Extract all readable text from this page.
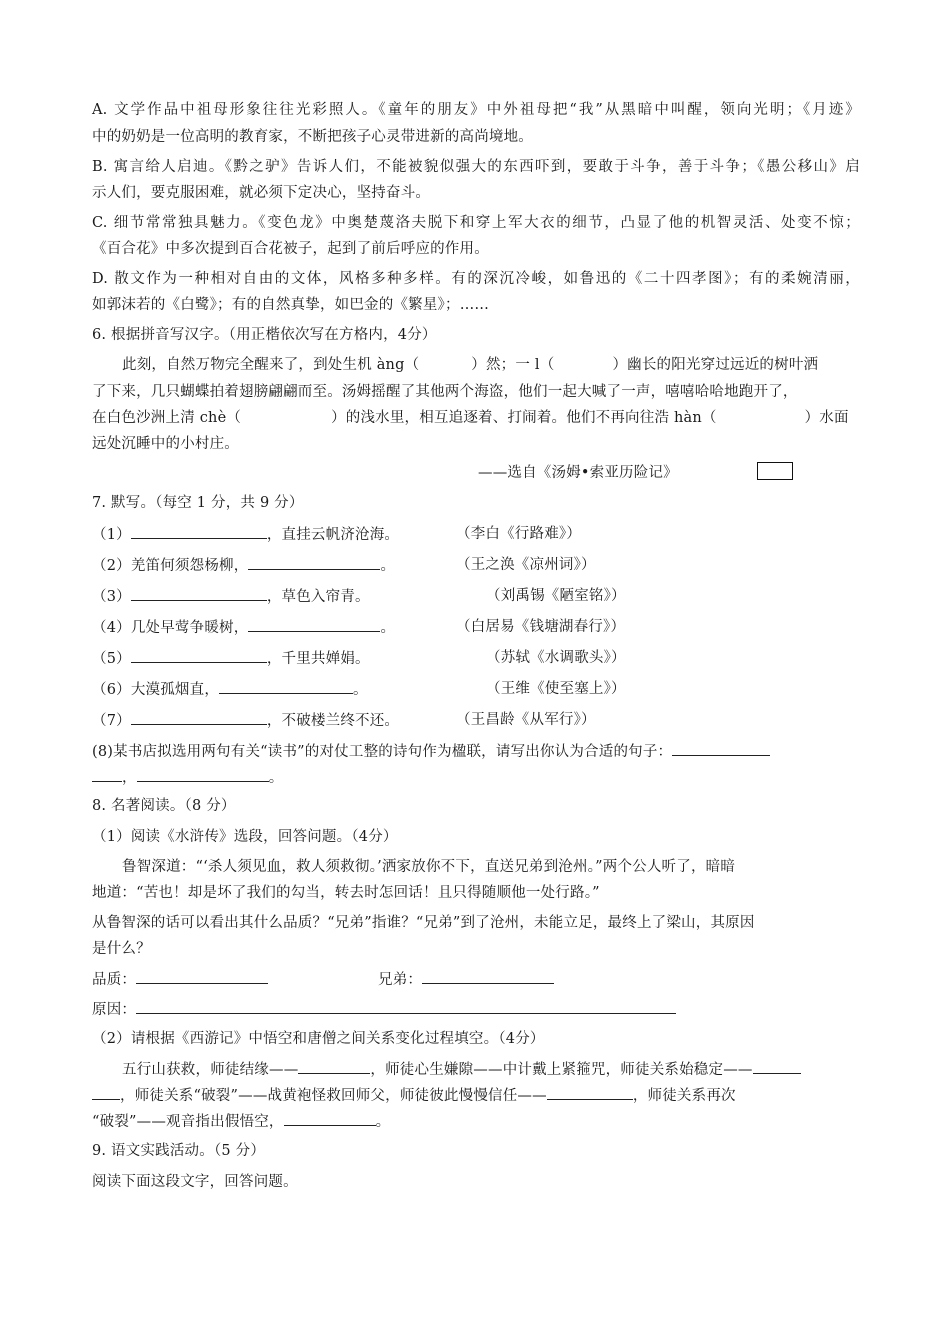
A. 文学作品中祖母形象往往光彩照人。《童年的朋友》中外祖母把“我”从黑暗中叫醒，领向光明；《月迹》
中的奶奶是一位高明的教育家，不断把孩子心灵带进新的高尚境地。
B. 寓言给人启迪。《黔之驴》告诉人们，不能被貌似强大的东西吓到，要敢于斗争，善于斗争；《愚公移山》启
示人们，要克服困难，就必须下定决心，坚持奋斗。
C. 细节常常独具魅力。《变色龙》中奥楚蔑洛夫脱下和穿上军大衣的细节，凸显了他的机智灵活、处变不惊；
《百合花》中多次提到百合花被子，起到了前后呼应的作用。
D. 散文作为一种相对自由的文体，风格多种多样。有的深沉冷峻，如鲁迅的《二十四孝图》；有的柔婉清丽，
如郭沫若的《白鹭》；有的自然真挚，如巴金的《繁星》；……
6. 根据拼音写汉字。（用正楷依次写在方格内，4分）
此刻，自然万物完全醒来了，到处生机 àng（	）然；一 l（	）幽长的阳光穿过远近的树叶洒
了下来，几只蝴蝶拍着翅膀翩翩而至。汤姆摇醒了其他两个海盗，他们一起大喊了一声，嘻嘻哈哈地跑开了，
在白色沙洲上清 chè（	）的浅水里，相互追逐着、打闹着。他们不再向往浩 hàn（	）水面
远处沉睡中的小村庄。
——选自《汤姆•索亚历险记》
7. 默写。（每空 1 分，共 9 分）
（1）	，直挂云帆济沧海。	（李白《行路难》）
（2）羌笛何须怨杨柳，	。	（王之涣《凉州词》）
（3）	，草色入帘青。	（刘禹锡《陋室铭》）
（4）几处早莺争暖树，	。	（白居易《钱塘湖春行》）
（5）	，千里共婵娟。	（苏轼《水调歌头》）
（6）大漠孤烟直，	。	（王维《使至塞上》）
（7）	，不破楼兰终不还。	（王昌龄《从军行》）
(8)某书店拟选用两句有关“读书”的对仗工整的诗句作为楹联，请写出你认为合适的句子：
，	。
8. 名著阅读。（8 分）
（1）阅读《水浒传》选段，回答问题。（4分）
鲁智深道：“‘杀人须见血，救人须救彻。’洒家放你不下，直送兄弟到沧州。”两个公人听了，暗暗
地道：“苦也！却是坏了我们的勾当，转去时怎回话！且只得随顺他一处行路。”
从鲁智深的话可以看出其什么品质？“兄弟”指谁？“兄弟”到了沧州，未能立足，最终上了梁山，其原因
是什么？
品质：	兄弟：
原因：
（2）请根据《西游记》中悟空和唐僧之间关系变化过程填空。（4分）
五行山获救，师徒结缘——	，师徒心生嫌隙——中计戴上紧箍咒，师徒关系始稳定——
，师徒关系“破裂”——战黄袍怪救回师父，师徒彼此慢慢信任——	，师徒关系再次
“破裂”——观音指出假悟空，	。
9. 语文实践活动。（5 分）
阅读下面这段文字，回答问题。
